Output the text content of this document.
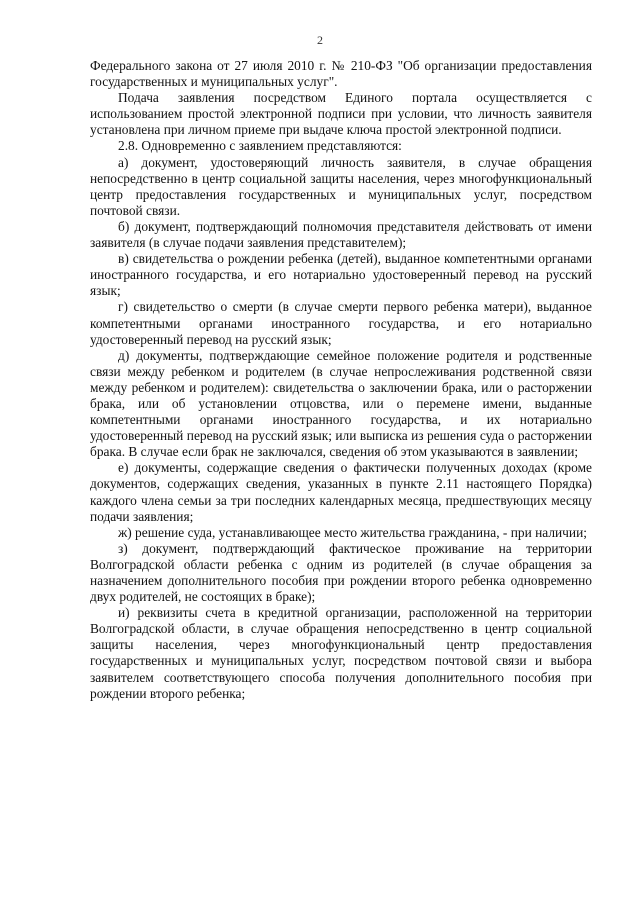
2

Федерального закона от 27 июля 2010 г. № 210-ФЗ "Об организации предоставления государственных и муниципальных услуг".

Подача заявления посредством Единого портала осуществляется с использованием простой электронной подписи при условии, что личность заявителя установлена при личном приеме при выдаче ключа простой электронной подписи.

2.8. Одновременно с заявлением представляются:

а) документ, удостоверяющий личность заявителя, в случае обращения непосредственно в центр социальной защиты населения, через многофункциональный центр предоставления государственных и муниципальных услуг, посредством почтовой связи.

б) документ, подтверждающий полномочия представителя действовать от имени заявителя (в случае подачи заявления представителем);

в) свидетельства о рождении ребенка (детей), выданное компетентными органами иностранного государства, и его нотариально удостоверенный перевод на русский язык;

г) свидетельство о смерти (в случае смерти первого ребенка матери), выданное компетентными органами иностранного государства, и его нотариально удостоверенный перевод на русский язык;

д) документы, подтверждающие семейное положение родителя и родственные связи между ребенком и родителем (в случае непрослеживания родственной связи между ребенком и родителем): свидетельства о заключении брака, или о расторжении брака, или об установлении отцовства, или о перемене имени, выданные компетентными органами иностранного государства, и их нотариально удостоверенный перевод на русский язык; или выписка из решения суда о расторжении брака. В случае если брак не заключался, сведения об этом указываются в заявлении;

е) документы, содержащие сведения о фактически полученных доходах (кроме документов, содержащих сведения, указанных в пункте 2.11 настоящего Порядка) каждого члена семьи за три последних календарных месяца, предшествующих месяцу подачи заявления;

ж) решение суда, устанавливающее место жительства гражданина, - при наличии;

з) документ, подтверждающий фактическое проживание на территории Волгоградской области ребенка с одним из родителей (в случае обращения за назначением дополнительного пособия при рождении второго ребенка одновременно двух родителей, не состоящих в браке);

и) реквизиты счета в кредитной организации, расположенной на территории Волгоградской области, в случае обращения непосредственно в центр социальной защиты населения, через многофункциональный центр предоставления государственных и муниципальных услуг, посредством почтовой связи и выбора заявителем соответствующего способа получения дополнительного пособия при рождении второго ребенка;
